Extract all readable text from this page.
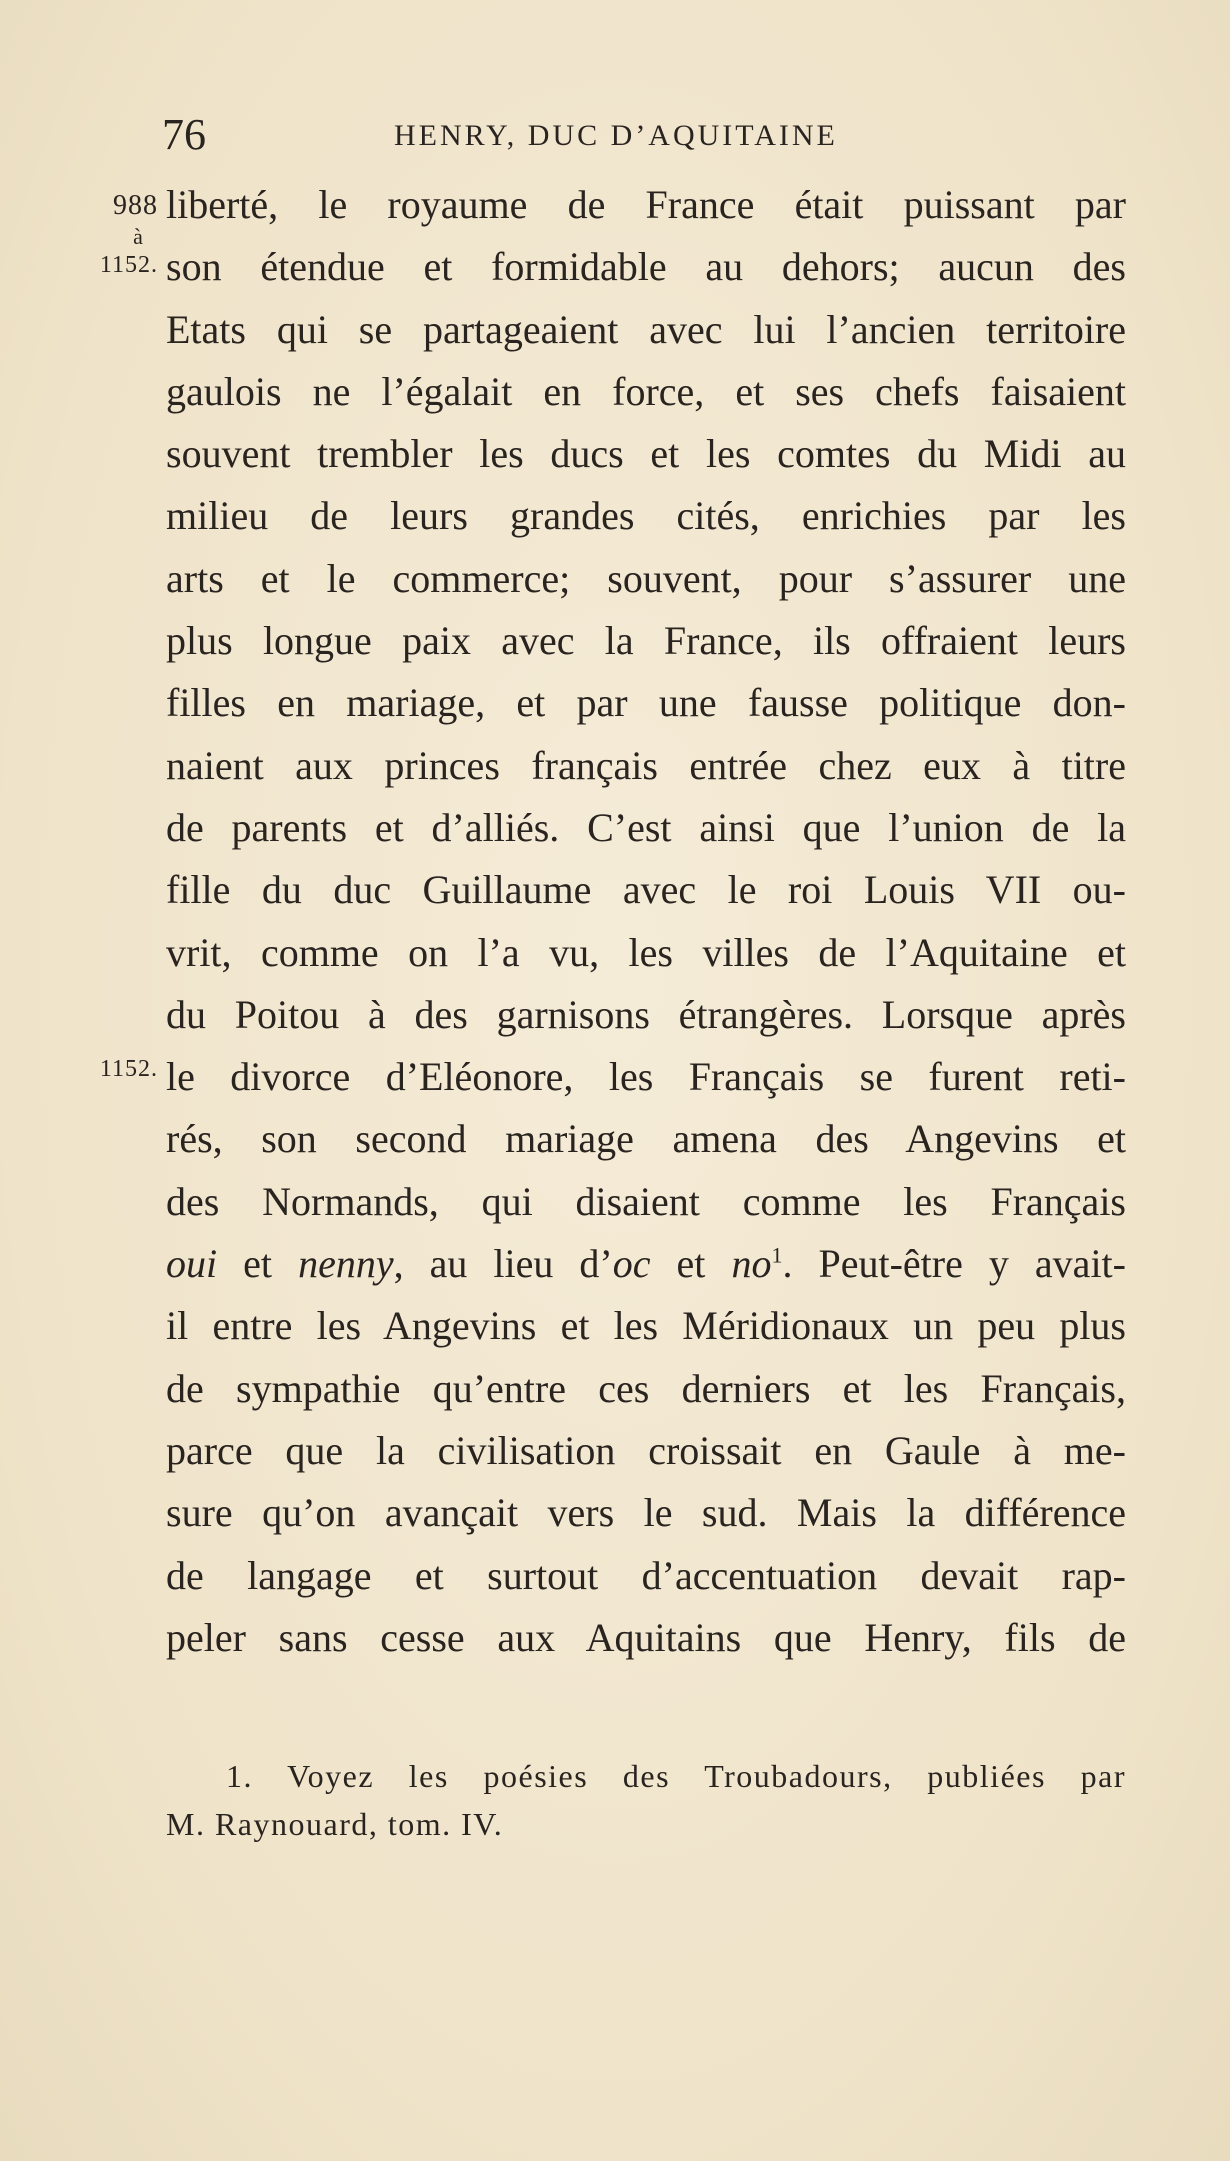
76	HENRY, DUC D’AQUITAINE
988
à
1152.
1152.
liberté, le royaume de France était puissant par
son étendue et formidable au dehors; aucun des
Etats qui se partageaient avec lui l’ancien territoire
gaulois ne l’égalait en force, et ses chefs faisaient
souvent trembler les ducs et les comtes du Midi au
milieu de leurs grandes cités, enrichies par les
arts et le commerce; souvent, pour s’assurer une
plus longue paix avec la France, ils offraient leurs
filles en mariage, et par une fausse politique don-
naient aux princes français entrée chez eux à titre
de parents et d’alliés. C’est ainsi que l’union de la
fille du duc Guillaume avec le roi Louis VII ou-
vrit, comme on l’a vu, les villes de l’Aquitaine et
du Poitou à des garnisons étrangères. Lorsque après
le divorce d’Eléonore, les Français se furent reti-
rés, son second mariage amena des Angevins et
des Normands, qui disaient comme les Français
oui et nenny, au lieu d’oc et $no^1$. Peut-être y avait-
il entre les Angevins et les Méridionaux un peu plus
de sympathie qu’entre ces derniers et les Français,
parce que la civilisation croissait en Gaule à me-
sure qu’on avançait vers le sud. Mais la différence
de langage et surtout d’accentuation devait rap-
peler sans cesse aux Aquitains que Henry, fils de
1. Voyez les poésies des Troubadours, publiées par
M. Raynouard, tom. IV.
